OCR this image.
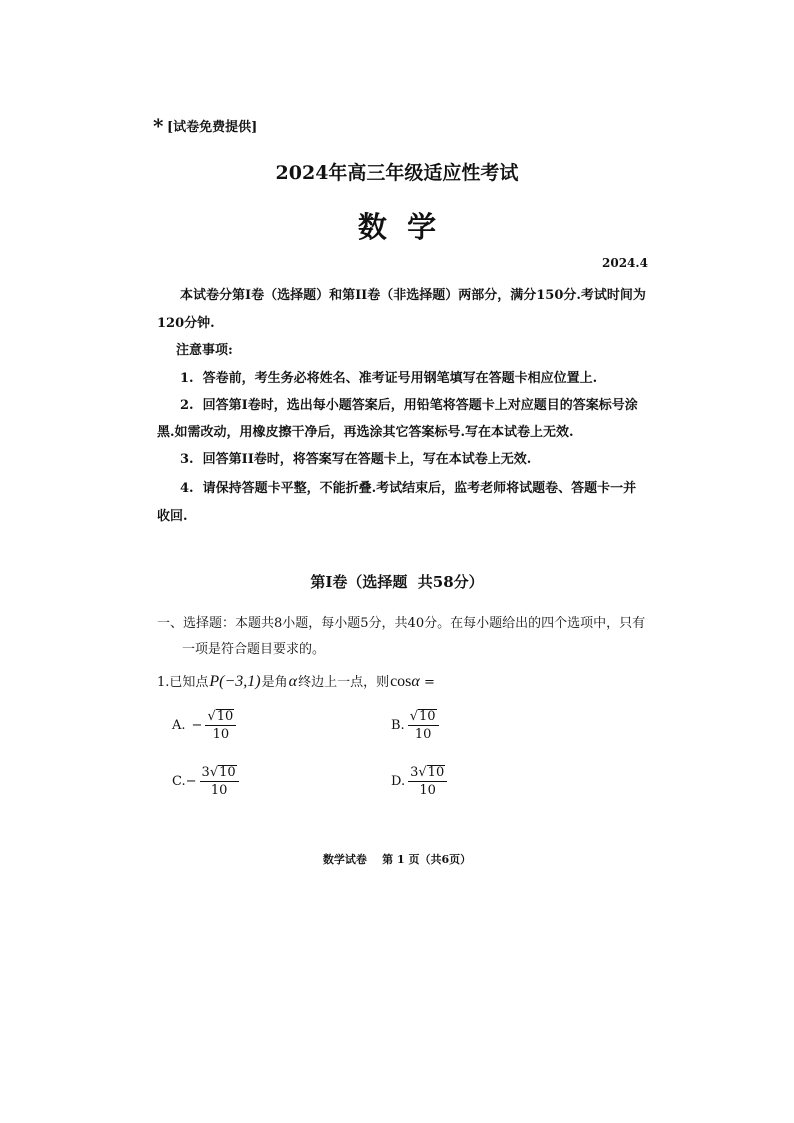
* [试卷免费提供]
2024年高三年级适应性考试
数  学
2024.4
本试卷分第I卷（选择题）和第II卷（非选择题）两部分，满分150分.考试时间为
120分钟.
注意事项:
1.  答卷前，考生务必将姓名、准考证号用钢笔填写在答题卡相应位置上.
2.  回答第I卷时，选出每小题答案后，用铅笔将答题卡上对应题目的答案标号涂
黑.如需改动，用橡皮擦干净后，再选涂其它答案标号.写在本试卷上无效.
3.  回答第II卷时，将答案写在答题卡上，写在本试卷上无效.
4.  请保持答题卡平整，不能折叠.考试结束后，监考老师将试题卷、答题卡一并
收回.
第I卷（选择题  共58分）
一、选择题：本题共8小题，每小题5分，共40分。在每小题给出的四个选项中，只有
一项是符合题目要求的。
1.已知点 P(−3,1) 是角 α 终边上一点，则 cos α =
A. − $\frac{√ 10}{10}$	B. $\frac{√ 10}{10}$
C. − $\frac{3 √ 10}{10}$	D. $\frac{3 √ 10}{10}$
数学试卷    第 1 页（共6页）
